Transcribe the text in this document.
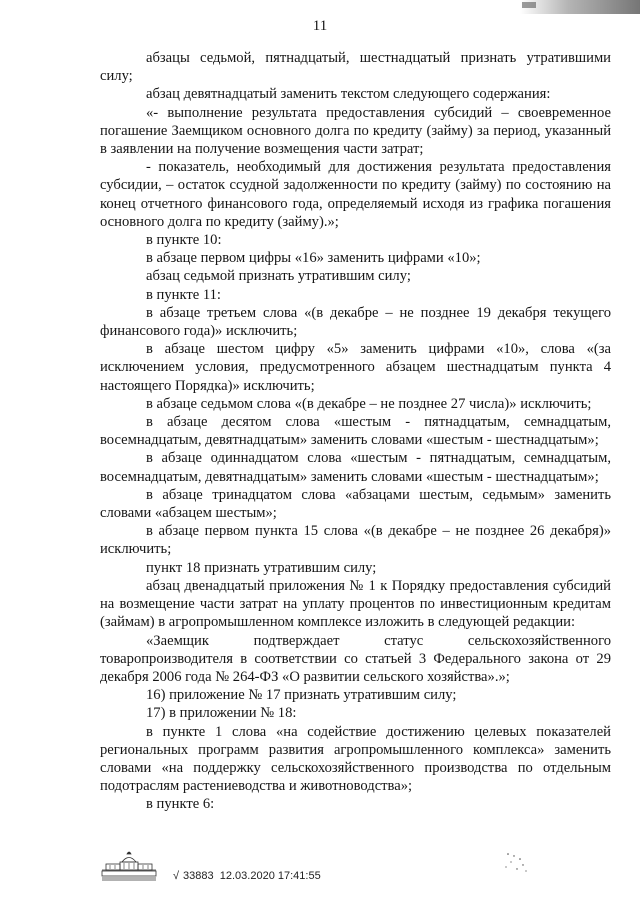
11

абзацы седьмой, пятнадцатый, шестнадцатый признать утратившими силу;

абзац девятнадцатый заменить текстом следующего содержания:

«- выполнение результата предоставления субсидий – своевременное погашение Заемщиком основного долга по кредиту (займу) за период, указанный в заявлении на получение возмещения части затрат;

- показатель, необходимый для достижения результата предоставления субсидии, – остаток ссудной задолженности по кредиту (займу) по состоянию на конец отчетного финансового года, определяемый исходя из графика погашения основного долга по кредиту (займу).»;

в пункте 10:

в абзаце первом цифры «16» заменить цифрами «10»;

абзац седьмой признать утратившим силу;

в пункте 11:

в абзаце третьем слова «(в декабре – не позднее 19 декабря текущего финансового года)» исключить;

в абзаце шестом цифру «5» заменить цифрами «10», слова «(за исключением условия, предусмотренного абзацем шестнадцатым пункта 4 настоящего Порядка)» исключить;

в абзаце седьмом слова «(в декабре – не позднее 27 числа)» исключить;

в абзаце десятом слова «шестым - пятнадцатым, семнадцатым, восемнадцатым, девятнадцатым» заменить словами «шестым - шестнадцатым»;

в абзаце одиннадцатом слова «шестым - пятнадцатым, семнадцатым, восемнадцатым, девятнадцатым» заменить словами «шестым - шестнадцатым»;

в абзаце тринадцатом слова «абзацами шестым, седьмым» заменить словами «абзацем шестым»;

в абзаце первом пункта 15 слова «(в декабре – не позднее 26 декабря)» исключить;

пункт 18 признать утратившим силу;

абзац двенадцатый приложения № 1 к Порядку предоставления субсидий на возмещение части затрат на уплату процентов по инвестиционным кредитам (займам) в агропромышленном комплексе изложить в следующей редакции:

«Заемщик подтверждает статус сельскохозяйственного товаропроизводителя в соответствии со статьей 3 Федерального закона от 29 декабря 2006 года № 264-ФЗ «О развитии сельского хозяйства».»;

16) приложение № 17 признать утратившим силу;

17) в приложении № 18:

в пункте 1 слова «на содействие достижению целевых показателей региональных программ развития агропромышленного комплекса» заменить словами «на поддержку сельскохозяйственного производства по отдельным подотраслям растениеводства и животноводства»;

в пункте 6:

√ 33883 12.03.2020 17:41:55
